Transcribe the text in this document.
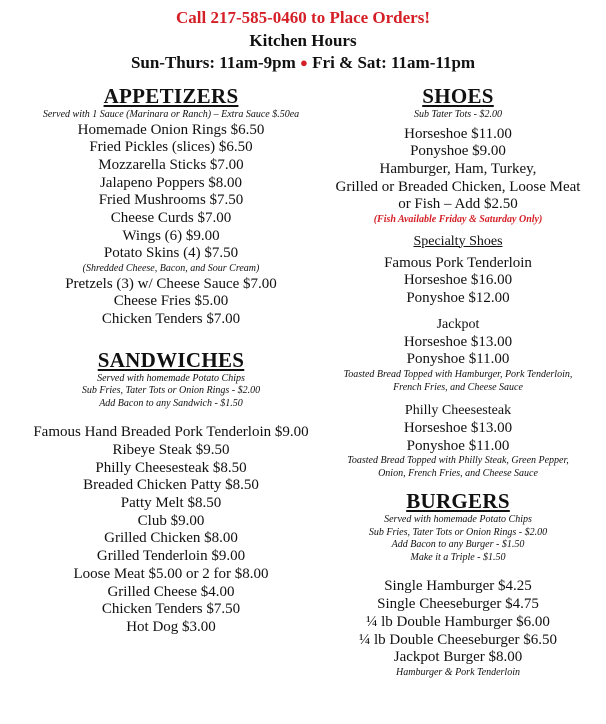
Call 217-585-0460 to Place Orders!
Kitchen Hours
Sun-Thurs: 11am-9pm ● Fri & Sat: 11am-11pm
APPETIZERS
Served with 1 Sauce (Marinara or Ranch) – Extra Sauce $.50ea
Homemade Onion Rings $6.50
Fried Pickles (slices) $6.50
Mozzarella Sticks $7.00
Jalapeno Poppers $8.00
Fried Mushrooms $7.50
Cheese Curds $7.00
Wings (6) $9.00
Potato Skins (4) $7.50
(Shredded Cheese, Bacon, and Sour Cream)
Pretzels (3) w/ Cheese Sauce $7.00
Cheese Fries $5.00
Chicken Tenders $7.00
SANDWICHES
Served with homemade Potato Chips
Sub Fries, Tater Tots or Onion Rings - $2.00
Add Bacon to any Sandwich - $1.50
Famous Hand Breaded Pork Tenderloin $9.00
Ribeye Steak $9.50
Philly Cheesesteak $8.50
Breaded Chicken Patty $8.50
Patty Melt $8.50
Club $9.00
Grilled Chicken $8.00
Grilled Tenderloin $9.00
Loose Meat $5.00 or 2 for $8.00
Grilled Cheese $4.00
Chicken Tenders $7.50
Hot Dog $3.00
SHOES
Sub Tater Tots - $2.00
Horseshoe $11.00
Ponyshoe $9.00
Hamburger, Ham, Turkey,
Grilled or Breaded Chicken, Loose Meat
or Fish – Add $2.50
(Fish Available Friday & Saturday Only)
Specialty Shoes
Famous Pork Tenderloin
Horseshoe $16.00
Ponyshoe $12.00
Jackpot
Horseshoe $13.00
Ponyshoe $11.00
Toasted Bread Topped with Hamburger, Pork Tenderloin,
French Fries, and Cheese Sauce
Philly Cheesesteak
Horseshoe $13.00
Ponyshoe $11.00
Toasted Bread Topped with Philly Steak, Green Pepper,
Onion, French Fries, and Cheese Sauce
BURGERS
Served with homemade Potato Chips
Sub Fries, Tater Tots or Onion Rings - $2.00
Add Bacon to any Burger - $1.50
Make it a Triple - $1.50
Single Hamburger $4.25
Single Cheeseburger $4.75
¼ lb Double Hamburger $6.00
¼ lb Double Cheeseburger $6.50
Jackpot Burger $8.00
Hamburger & Pork Tenderloin
